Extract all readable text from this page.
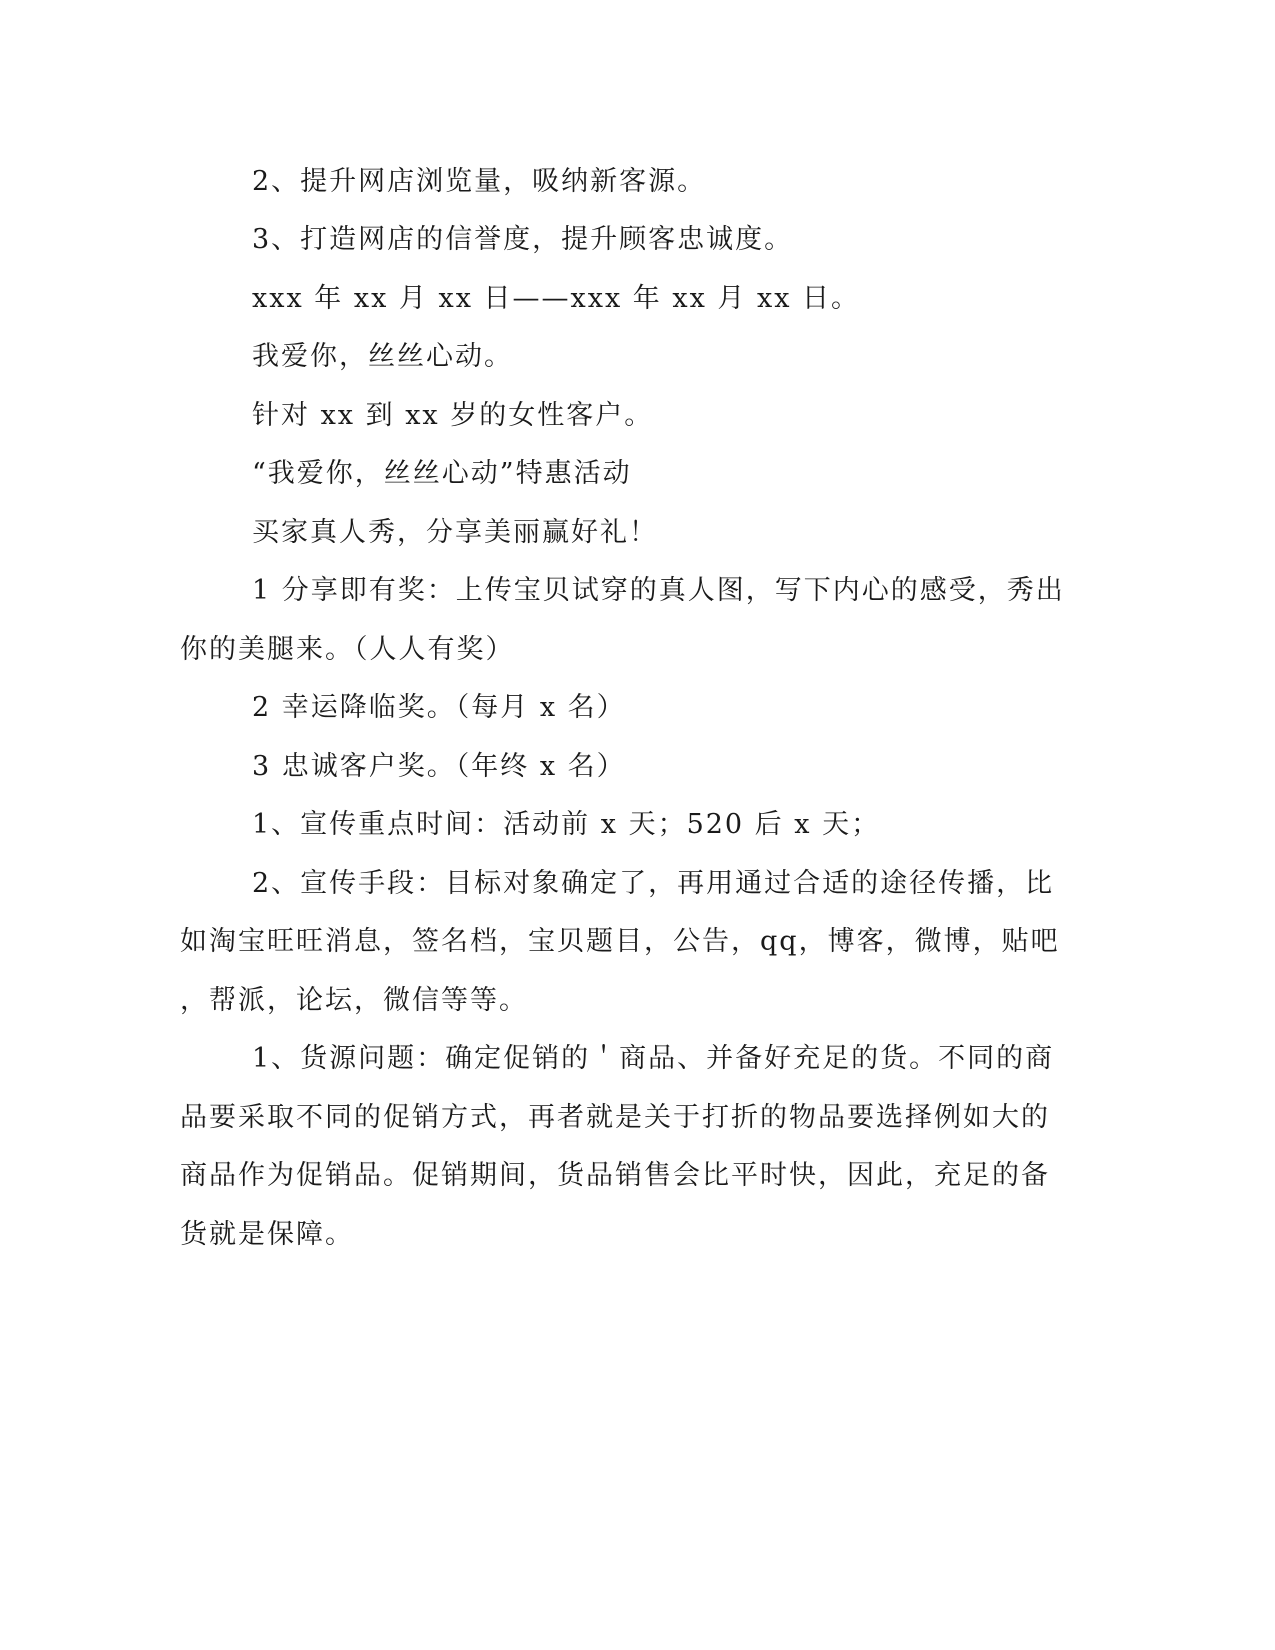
2、提升网店浏览量，吸纳新客源。
3、打造网店的信誉度，提升顾客忠诚度。
xxx 年 xx 月 xx 日——xxx 年 xx 月 xx 日。
我爱你，丝丝心动。
针对 xx 到 xx 岁的女性客户。
“我爱你，丝丝心动”特惠活动
买家真人秀，分享美丽赢好礼！
1 分享即有奖：上传宝贝试穿的真人图，写下内心的感受，秀出
你的美腿来。（人人有奖）
2 幸运降临奖。（每月 x 名）
3 忠诚客户奖。（年终 x 名）
1、宣传重点时间：活动前 x 天；520 后 x 天；
2、宣传手段：目标对象确定了，再用通过合适的途径传播，比
如淘宝旺旺消息，签名档，宝贝题目，公告，qq，博客，微博，贴吧
，帮派，论坛，微信等等。
1、货源问题：确定促销的＇商品、并备好充足的货。不同的商
品要采取不同的促销方式，再者就是关于打折的物品要选择例如大的
商品作为促销品。促销期间，货品销售会比平时快，因此，充足的备
货就是保障。
